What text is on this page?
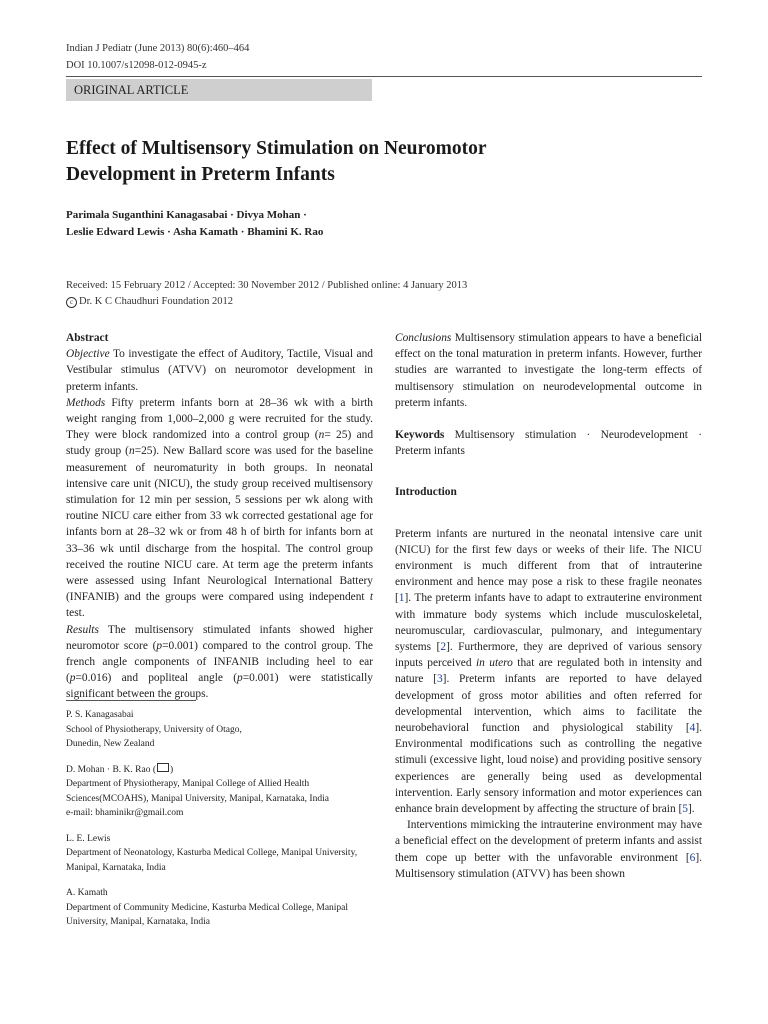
Indian J Pediatr (June 2013) 80(6):460–464
DOI 10.1007/s12098-012-0945-z
ORIGINAL ARTICLE
Effect of Multisensory Stimulation on Neuromotor
Development in Preterm Infants
Parimala Suganthini Kanagasabai · Divya Mohan ·
Leslie Edward Lewis · Asha Kamath · Bhamini K. Rao
Received: 15 February 2012 / Accepted: 30 November 2012 / Published online: 4 January 2013
c Dr. K C Chaudhuri Foundation 2012

Abstract

Objective To investigate the effect of Auditory, Tactile, Visual and Vestibular stimulus (ATVV) on neuromotor development in preterm infants.

Methods Fifty preterm infants born at 28–36 wk with a birth weight ranging from 1,000–2,000 g were recruited for the study. They were block randomized into a control group (n= 25) and study group (n=25). New Ballard score was used for the baseline measurement of neuromaturity in both groups. In neonatal intensive care unit (NICU), the study group received multisensory stimulation for 12 min per session, 5 sessions per wk along with routine NICU care either from 33 wk corrected gestational age for infants born at 28–32 wk or from 48 h of birth for infants born at 33–36 wk until discharge from the hospital. The control group received the routine NICU care. At term age the preterm infants were assessed using Infant Neurological International Battery (INFANIB) and the groups were compared using independent t test.

Results The multisensory stimulated infants showed higher neuromotor score (p=0.001) compared to the control group. The french angle components of INFANIB including heel to ear (p=0.016) and popliteal angle (p=0.001) were statistically significant between the groups.

Conclusions Multisensory stimulation appears to have a beneficial effect on the tonal maturation in preterm infants. However, further studies are warranted to investigate the long-term effects of multisensory stimulation on neurodevelopmental outcome in preterm infants.

Keywords Multisensory stimulation · Neurodevelopment · Preterm infants

Introduction

Preterm infants are nurtured in the neonatal intensive care unit (NICU) for the first few days or weeks of their life. The NICU environment is much different from that of intrauterine environment and hence may pose a risk to these fragile neonates [1]. The preterm infants have to adapt to extrauterine environment with immature body systems which include musculoskeletal, neuromuscular, cardiovascular, pulmonary, and integumentary systems [2]. Furthermore, they are deprived of various sensory inputs perceived in utero that are regulated both in intensity and nature [3]. Preterm infants are reported to have delayed development of gross motor abilities and often referred for developmental intervention, which aims to facilitate the neurobehavioral function and physiological stability [4]. Environmental modifications such as controlling the negative stimuli (excessive light, loud noise) and providing positive sensory experiences are generally being used as developmental intervention. Early sensory information and motor experiences can enhance brain development by affecting the structure of brain [5].

Interventions mimicking the intrauterine environment may have a beneficial effect on the development of preterm infants and assist them cope up better with the unfavorable environment [6]. Multisensory stimulation (ATVV) has been shown

P. S. Kanagasabai
School of Physiotherapy, University of Otago,
Dunedin, New Zealand
D. Mohan · B. K. Rao ( )
Department of Physiotherapy, Manipal College of Allied Health Sciences(MCOAHS), Manipal University, Manipal, Karnataka, India
e-mail: bhaminikr@gmail.com
L. E. Lewis
Department of Neonatology, Kasturba Medical College, Manipal University, Manipal, Karnataka, India
A. Kamath
Department of Community Medicine, Kasturba Medical College, Manipal University, Manipal, Karnataka, India
